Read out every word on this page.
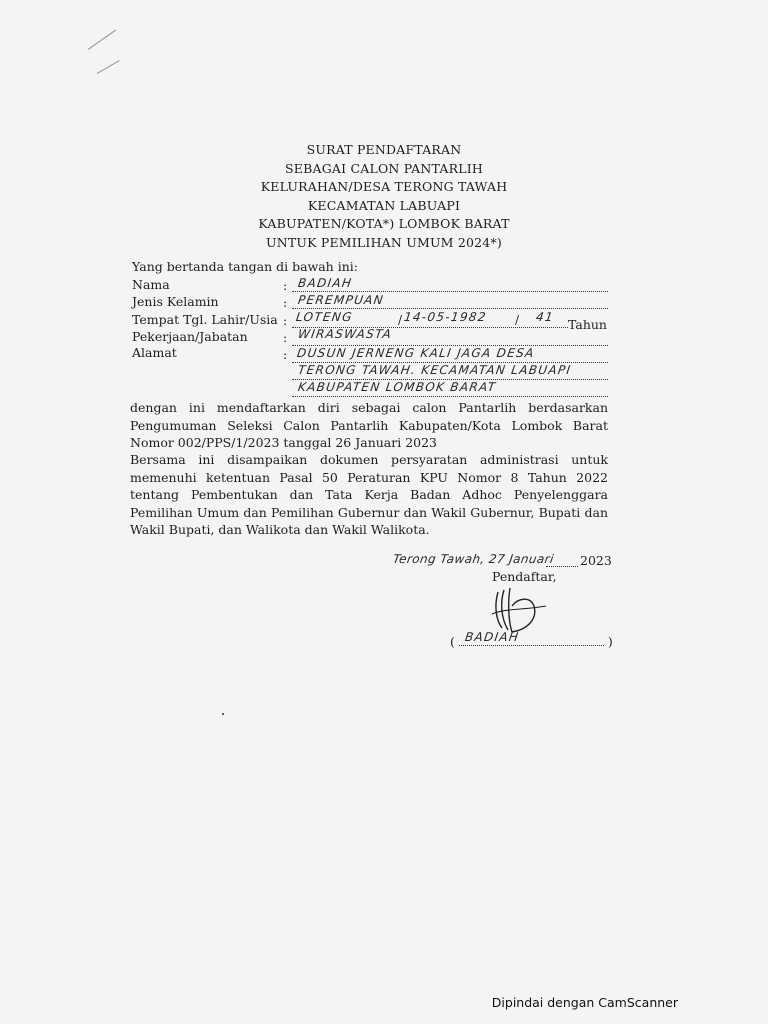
SURAT PENDAFTARAN
SEBAGAI CALON PANTARLIH
KELURAHAN/DESA TERONG TAWAH
KECAMATAN LABUAPI
KABUPATEN/KOTA*) LOMBOK BARAT
UNTUK PEMILIHAN UMUM 2024*)
Yang bertanda tangan di bawah ini:
Nama	: BADIAH
Jenis Kelamin	: PEREMPUAN
Tempat Tgl. Lahir/Usia : LOTENG	/ 14-05-1982 / 41 Tahun
Pekerjaan/Jabatan	: WIRASWASTA
Alamat	: DUSUN JERNENG KALI JAGA DESA
TERONG TAWAH. KECAMATAN LABUAPI
KABUPATEN LOMBOK BARAT

dengan ini mendaftarkan diri sebagai calon Pantarlih berdasarkan Pengumuman Seleksi Calon Pantarlih Kabupaten/Kota Lombok Barat Nomor 002/PPS/1/2023 tanggal 26 Januari 2023

Bersama ini disampaikan dokumen persyaratan administrasi untuk memenuhi ketentuan Pasal 50 Peraturan KPU Nomor 8 Tahun 2022 tentang Pembentukan dan Tata Kerja Badan Adhoc Penyelenggara Pemilihan Umum dan Pemilihan Gubernur dan Wakil Gubernur, Bupati dan Wakil Bupati, dan Walikota dan Wakil Walikota.

Terong Tawah, 27 Januari 2023
Pendaftar,
( BADIAH	)
Dipindai dengan CamScanner
